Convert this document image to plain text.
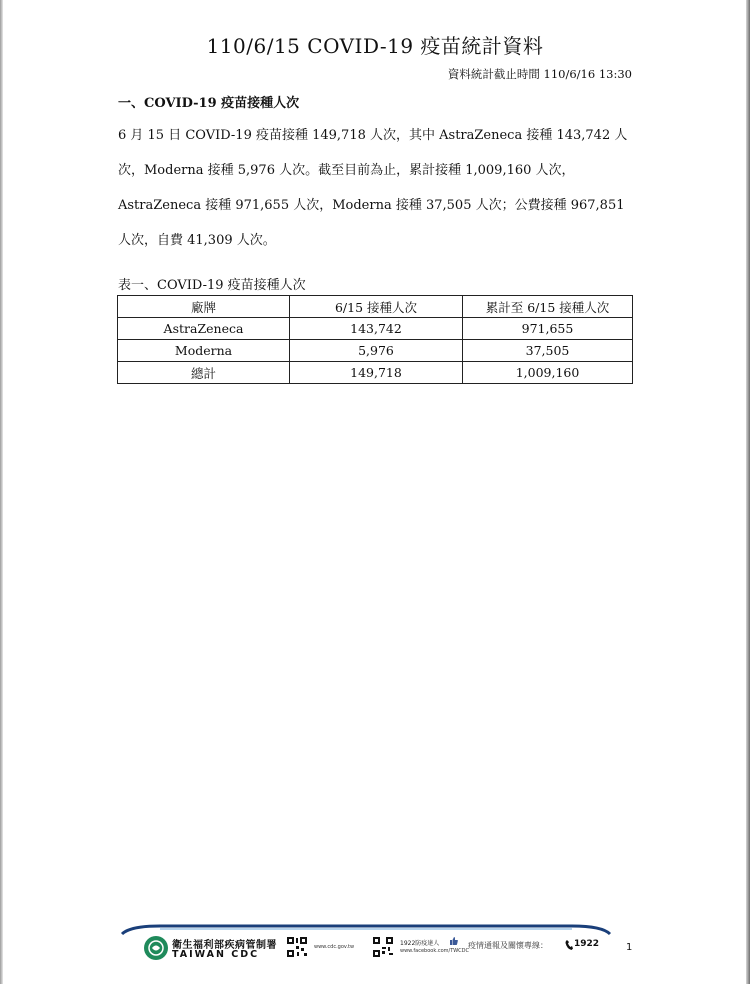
110/6/15 COVID-19 疫苗統計資料
資料統計截止時間 110/6/16 13:30
一、COVID-19 疫苗接種人次

6 月 15 日 COVID-19 疫苗接種 149,718 人次，其中 AstraZeneca 接種 143,742 人次，Moderna 接種 5,976 人次。截至目前為止，累計接種 1,009,160 人次，AstraZeneca 接種 971,655 人次，Moderna 接種 37,505 人次；公費接種 967,851 人次，自費 41,309 人次。

表一、COVID-19 疫苗接種人次
廠牌	6/15 接種人次	累計至 6/15 接種人次
AstraZeneca	143,742	971,655
Moderna	5,976	37,505
總計	149,718	1,009,160
衛生福利部疾病管制署
TAIWAN CDC
www.cdc.gov.tw	1922防疫達人
www.facebook.com/TWCDC
疫情通報及關懷專線：	1922	1
